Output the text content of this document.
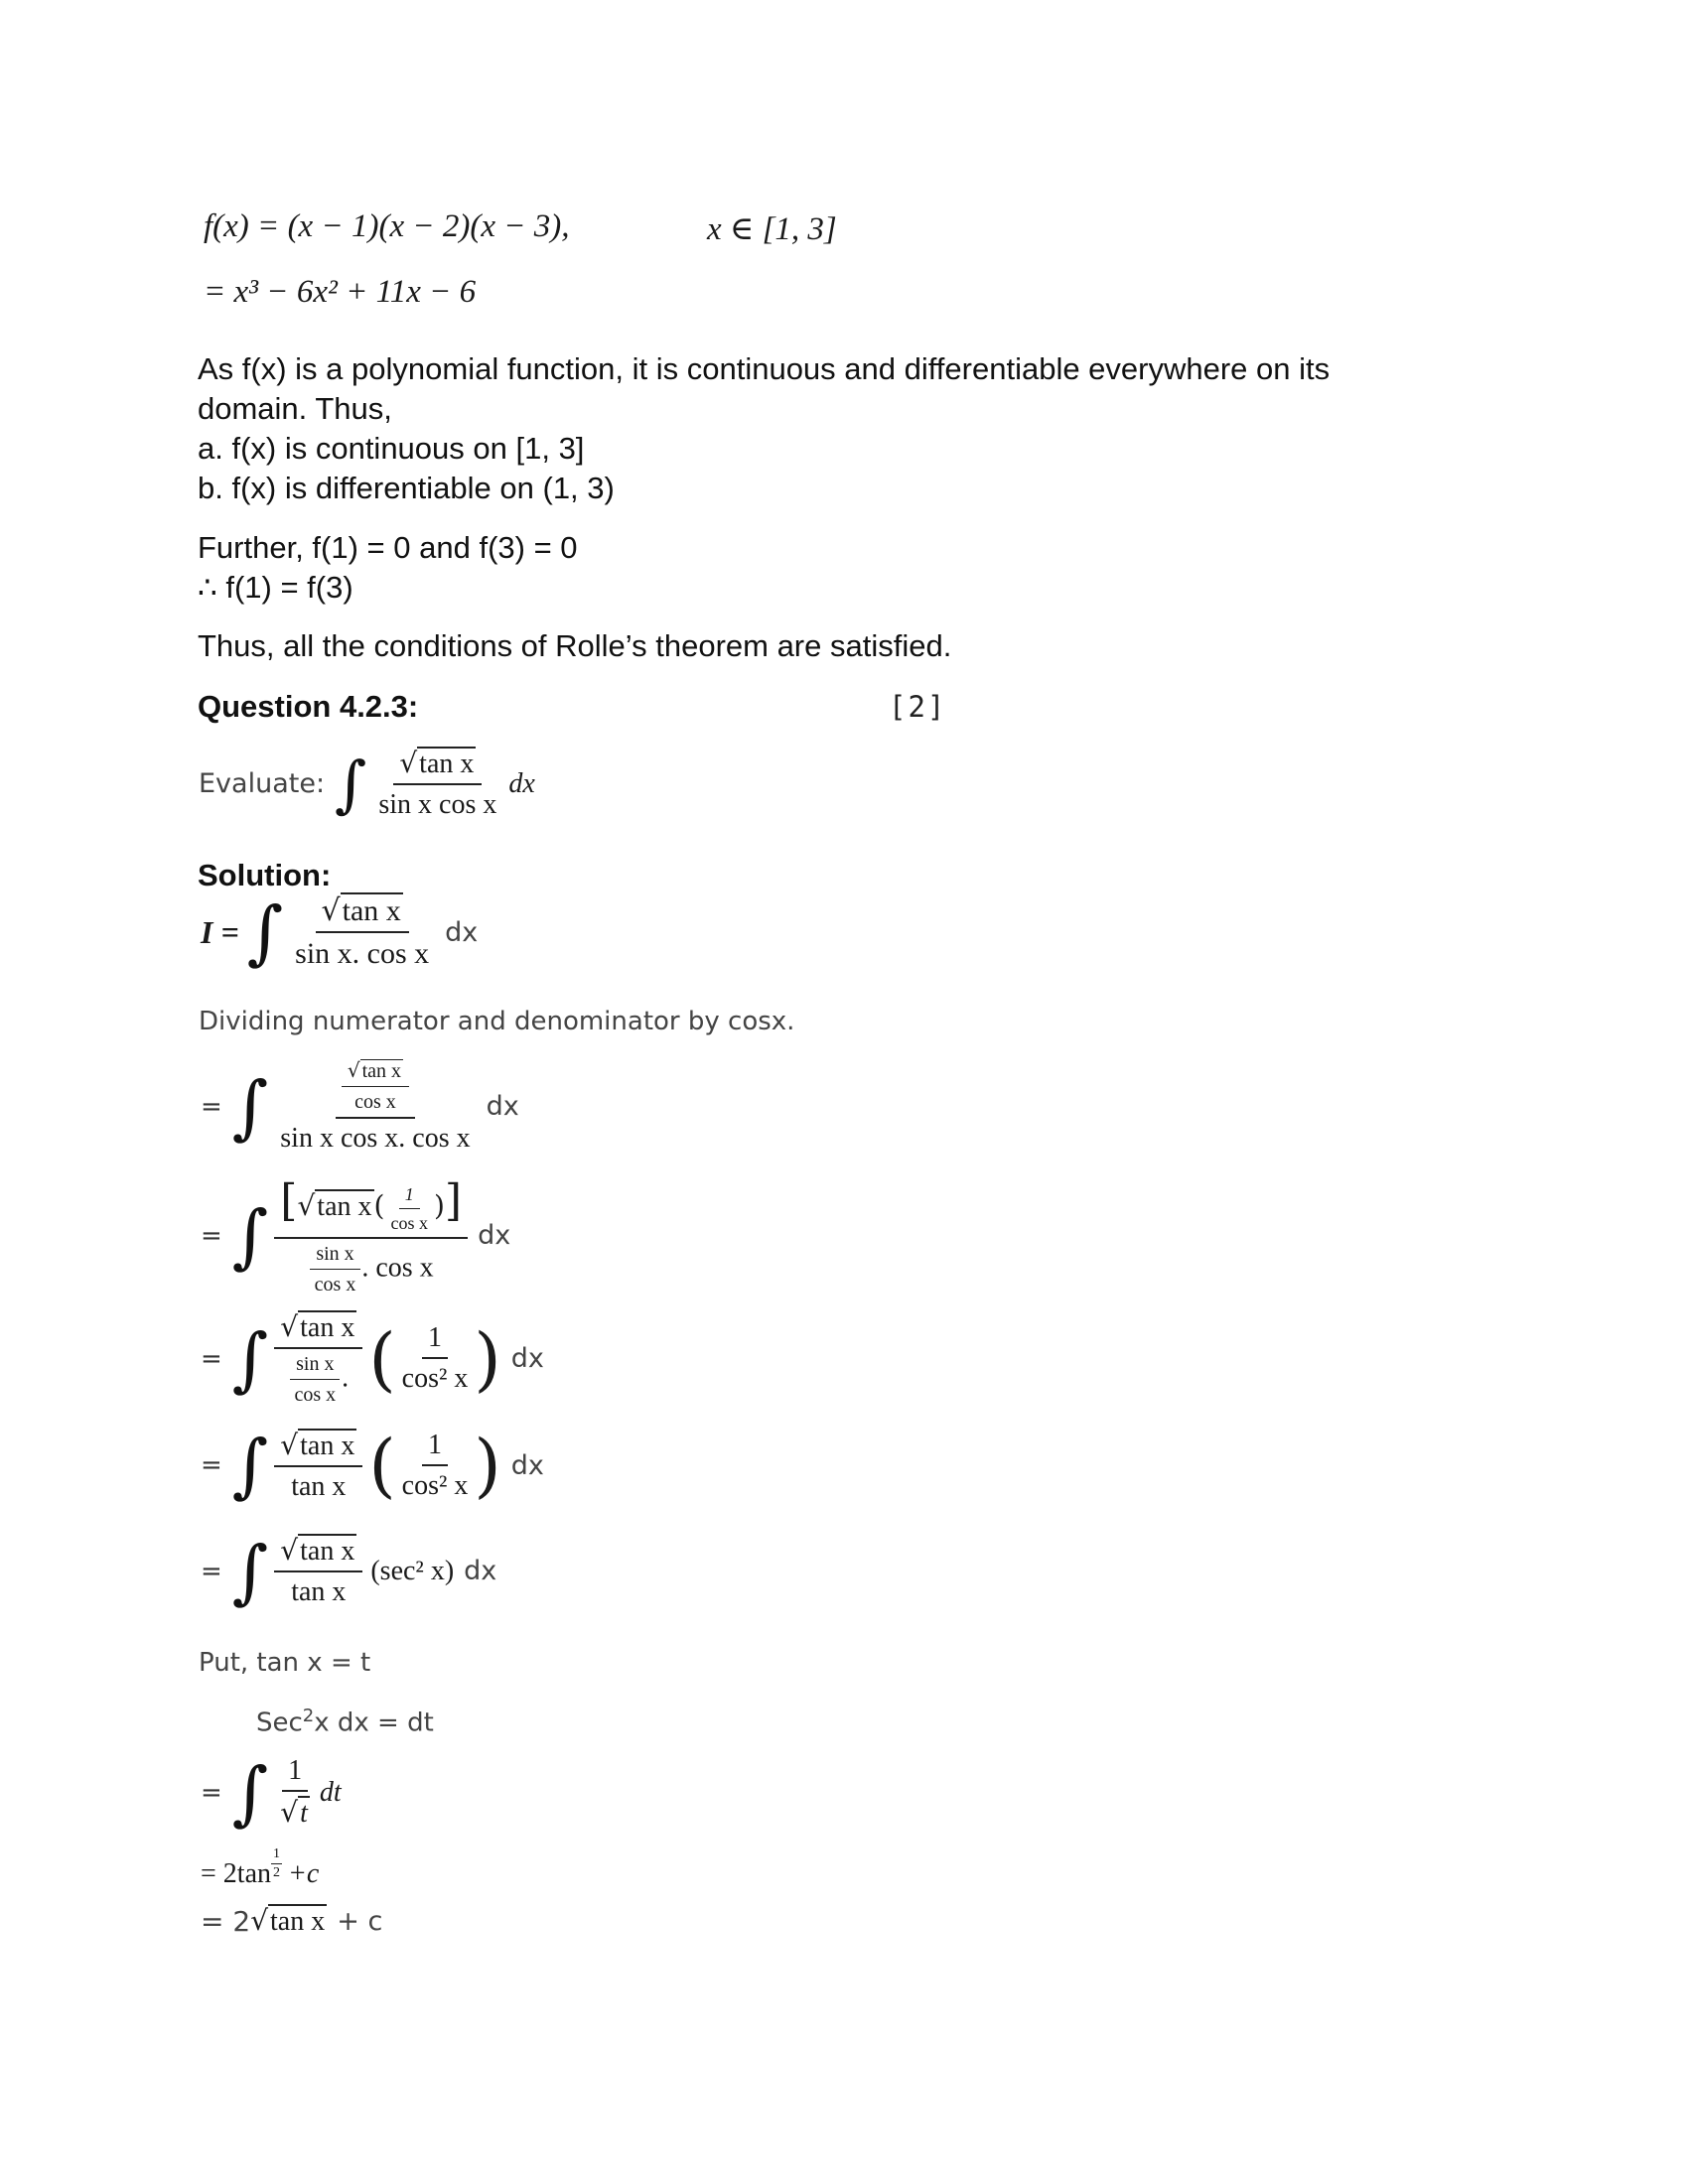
f(x) = (x − 1)(x − 2)(x − 3),	x ∈ [1, 3]
= x³ − 6x² + 11x − 6
As f(x) is a polynomial function, it is continuous and differentiable everywhere on its
domain. Thus,
a. f(x) is continuous on [1, 3]
b. f(x) is differentiable on (1, 3)
Further, f(1) = 0 and f(3) = 0
∴ f(1) = f(3)
Thus, all the conditions of Rolle’s theorem are satisfied.
Question 4.2.3:	[2]
Evaluate: ∫ $\frac{\text{√tan x}}{\text{sin x cos x}}$ dx
Solution:
I = ∫ $\frac{\text{√tan x}}{\text{sin x. cos x}}$ dx
Dividing numerator and denominator by cosx.
= ∫ $\frac{\frac{\text{√ tan x}}{\text{cos x}}}{\text{sin x cos x. cos x}}$ dx
= ∫ $\frac{[√\tan x( \frac{1}{\text{cos x}} )]}{\frac{\text{sin x}}{\text{cos x}} . \cos x}$ dx
= ∫ $\frac{\text{√tan x}}{\frac{\text{sin x}}{\text{cos x}} .}$ ( $\frac{1}{\text{cos² x}}$ ) dx
= ∫ $\frac{\text{√tan x}}{\text{tan x}}$ ( $\frac{1}{\text{cos² x}}$ ) dx
= ∫ $\frac{\text{√tan x}}{\text{tan x}} (\sec^2$ x) dx
Put, tan x = t
Sec$^2$x dx = dt
= ∫ $\frac{1}{√t}$ dt
= $2\tan \frac{1}{2} +c$
= 2 √tan x + c
